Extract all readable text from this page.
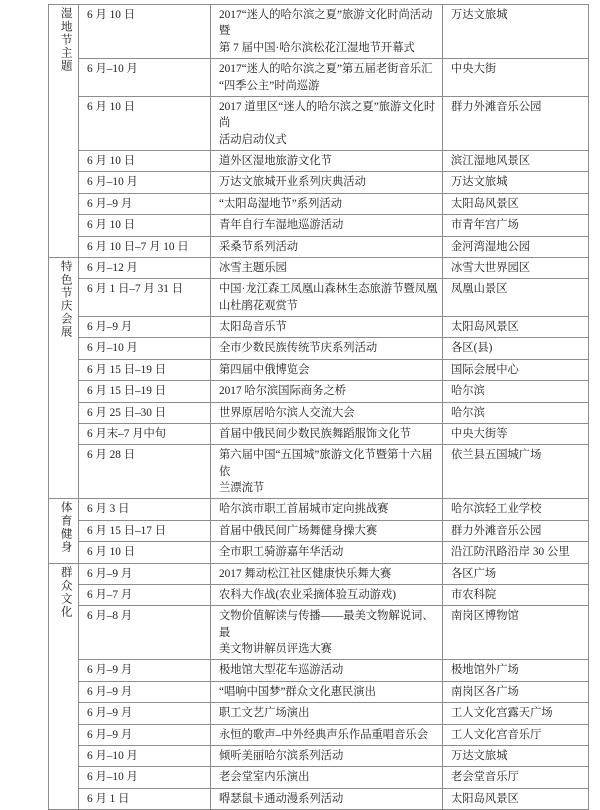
湿地节主题	6 月 10 日	2017“迷人的哈尔滨之夏”旅游文化时尚活动暨
第 7 届中国·哈尔滨松花江湿地节开幕式	万达文旅城
	6 月–10 月	2017“迷人的哈尔滨之夏”第五届老街音乐汇
“四季公主”时尚巡游	中央大街
	6 月 10 日	2017 道里区“迷人的哈尔滨之夏”旅游文化时尚
活动启动仪式	群力外滩音乐公园
	6 月 10 日	道外区湿地旅游文化节	滨江湿地风景区
	6 月–10 月	万达文旅城开业系列庆典活动	万达文旅城
	6 月–9 月	“太阳岛湿地节”系列活动	太阳岛风景区
	6 月 10 日	青年自行车湿地巡游活动	市青年宫广场
	6 月 10 日–7 月 10 日	采桑节系列活动	金河湾湿地公园
特色节庆会展	6 月–12 月	冰雪主题乐园	冰雪大世界园区
	6 月 1 日–7 月 31 日	中国·龙江森工凤凰山森林生态旅游节暨凤凰
山杜鹃花观赏节	凤凰山景区
	6 月–9 月	太阳岛音乐节	太阳岛风景区
	6 月–10 月	全市少数民族传统节庆系列活动	各区(县)
	6 月 15 日–19 日	第四届中俄博览会	国际会展中心
	6 月 15 日–19 日	2017 哈尔滨国际商务之桥	哈尔滨
	6 月 25 日–30 日	世界原居哈尔滨人交流大会	哈尔滨
	6 月末–7 月中旬	首届中俄民间少数民族舞蹈服饰文化节	中央大街等
	6 月 28 日	第六届中国“五国城”旅游文化节暨第十六届依
兰漂流节	依兰县五国城广场
体育健身	6 月 3 日	哈尔滨市职工首届城市定向挑战赛	哈尔滨轻工业学校
	6 月 15 日–17 日	首届中俄民间广场舞健身操大赛	群力外滩音乐公园
	6 月 10 日	全市职工骑游嘉年华活动	沿江防汛路沿岸 30 公里
群众文化	6 月–9 月	2017 舞动松江社区健康快乐舞大赛	各区广场
	6 月–7 月	农科大作战(农业采摘体验互动游戏)	市农科院
	6 月–8 月	文物价值解读与传播——最美文物解说词、最
美文物讲解员评选大赛	南岗区博物馆
	6 月–9 月	极地馆大型花车巡游活动	极地馆外广场
	6 月–9 月	“唱响中国梦”群众文化惠民演出	南岗区各广场
	6 月–9 月	职工文艺广场演出	工人文化宫露天广场
	6 月–9 月	永恒的歌声–中外经典声乐作品重唱音乐会	工人文化宫音乐厅
	6 月–10 月	倾听美丽哈尔滨系列活动	万达文旅城
	6 月–10 月	老会堂室内乐演出	老会堂音乐厅
	6 月 1 日	嘚瑟鼠卡通动漫系列活动	太阳岛风景区
